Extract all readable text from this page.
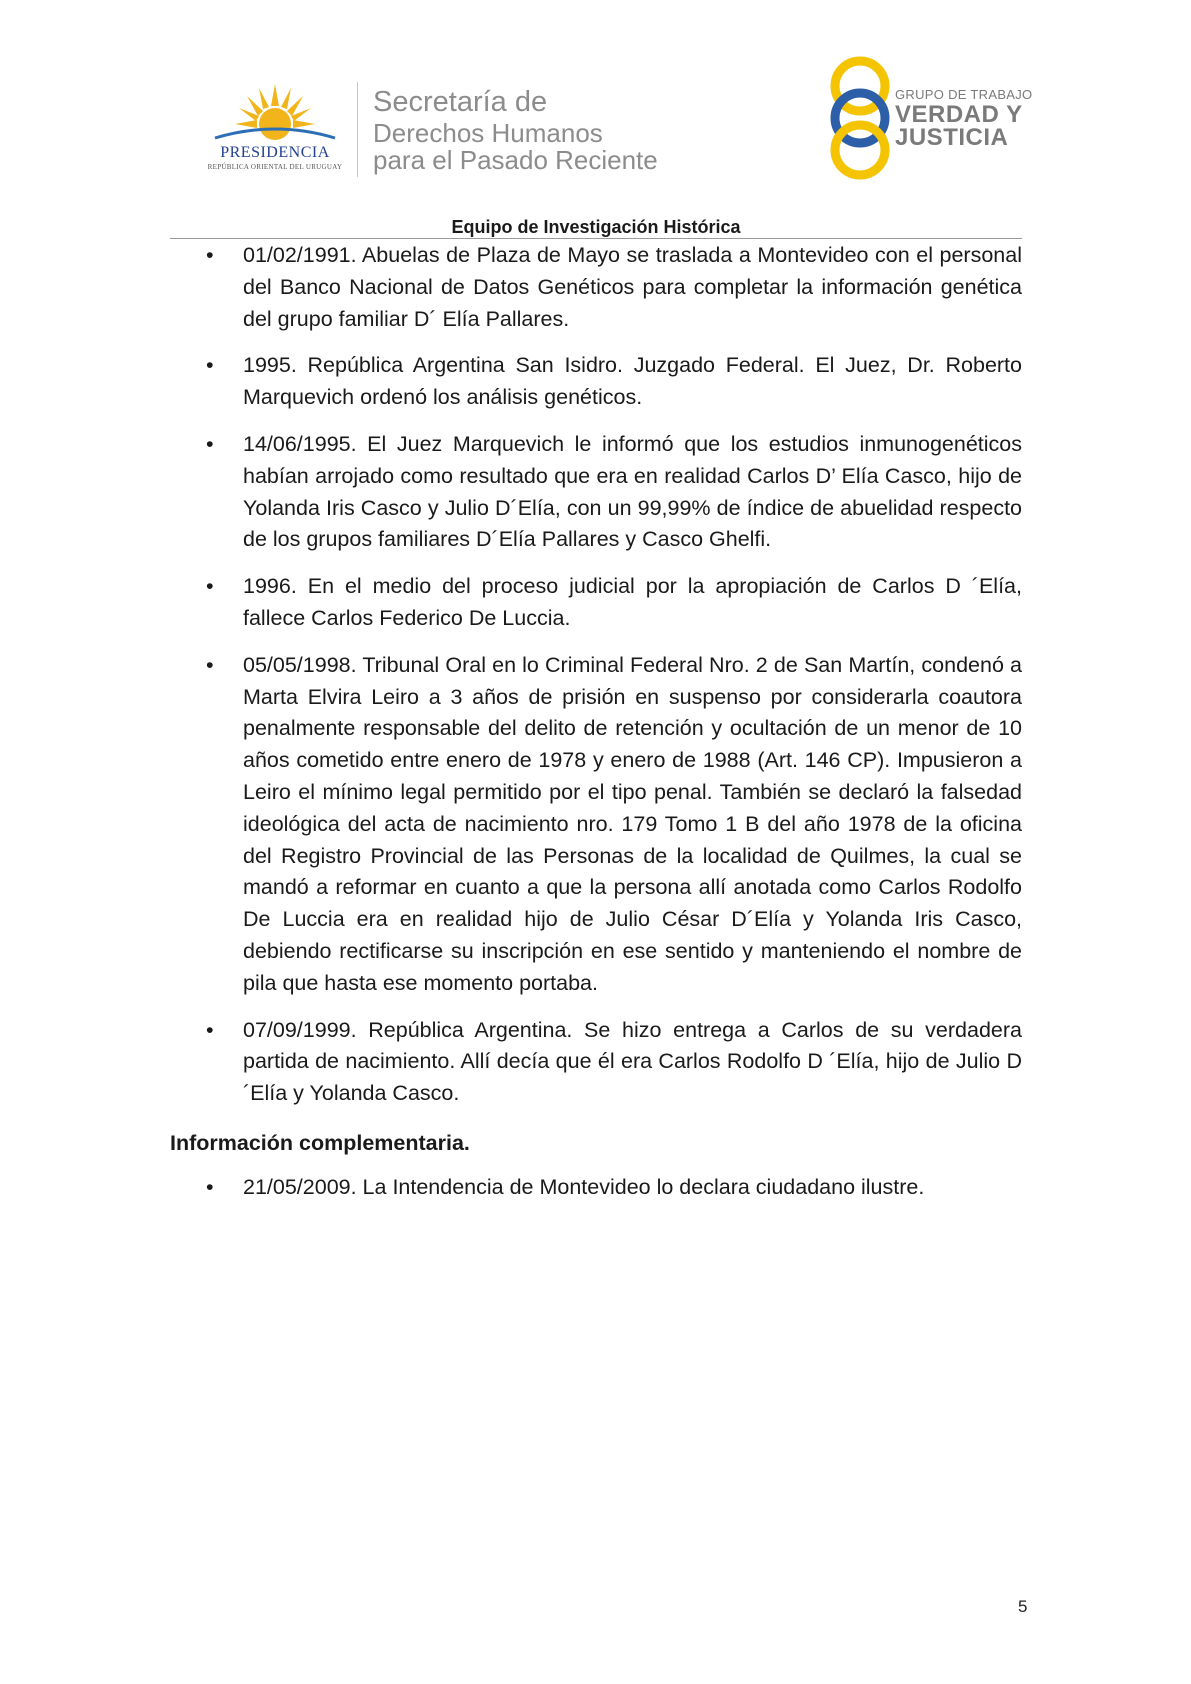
PRESIDENCIA
REPÚBLICA ORIENTAL DEL URUGUAY
Secretaría de
Derechos Humanos
para el Pasado Reciente
GRUPO DE TRABAJO
VERDAD Y
JUSTICIA
Equipo de Investigación Histórica
• 01/02/1991. Abuelas de Plaza de Mayo se traslada a Montevideo con el personal del Banco Nacional de Datos Genéticos para completar la información genética del grupo familiar D´ Elía Pallares.
• 1995. República Argentina San Isidro. Juzgado Federal. El Juez, Dr. Roberto Marquevich ordenó los análisis genéticos.
• 14/06/1995. El Juez Marquevich le informó que los estudios inmunogenéticos habían arrojado como resultado que era en realidad Carlos D’ Elía Casco, hijo de Yolanda Iris Casco y Julio D´Elía, con un 99,99% de índice de abuelidad respecto de los grupos familiares D´Elía Pallares y Casco Ghelfi.
• 1996. En el medio del proceso judicial por la apropiación de Carlos D ´Elía, fallece Carlos Federico De Luccia.
• 05/05/1998. Tribunal Oral en lo Criminal Federal Nro. 2 de San Martín, condenó a Marta Elvira Leiro a 3 años de prisión en suspenso por considerarla coautora penalmente responsable del delito de retención y ocultación de un menor de 10 años cometido entre enero de 1978 y enero de 1988 (Art. 146 CP). Impusieron a Leiro el mínimo legal permitido por el tipo penal. También se declaró la falsedad ideológica del acta de nacimiento nro. 179 Tomo 1 B del año 1978 de la oficina del Registro Provincial de las Personas de la localidad de Quilmes, la cual se mandó a reformar en cuanto a que la persona allí anotada como Carlos Rodolfo De Luccia era en realidad hijo de Julio César D´Elía y Yolanda Iris Casco, debiendo rectificarse su inscripción en ese sentido y manteniendo el nombre de pila que hasta ese momento portaba.
• 07/09/1999. República Argentina. Se hizo entrega a Carlos de su verdadera partida de nacimiento. Allí decía que él era Carlos Rodolfo D ´Elía, hijo de Julio D´Elía y Yolanda Casco.
Información complementaria.
• 21/05/2009. La Intendencia de Montevideo lo declara ciudadano ilustre.
5
